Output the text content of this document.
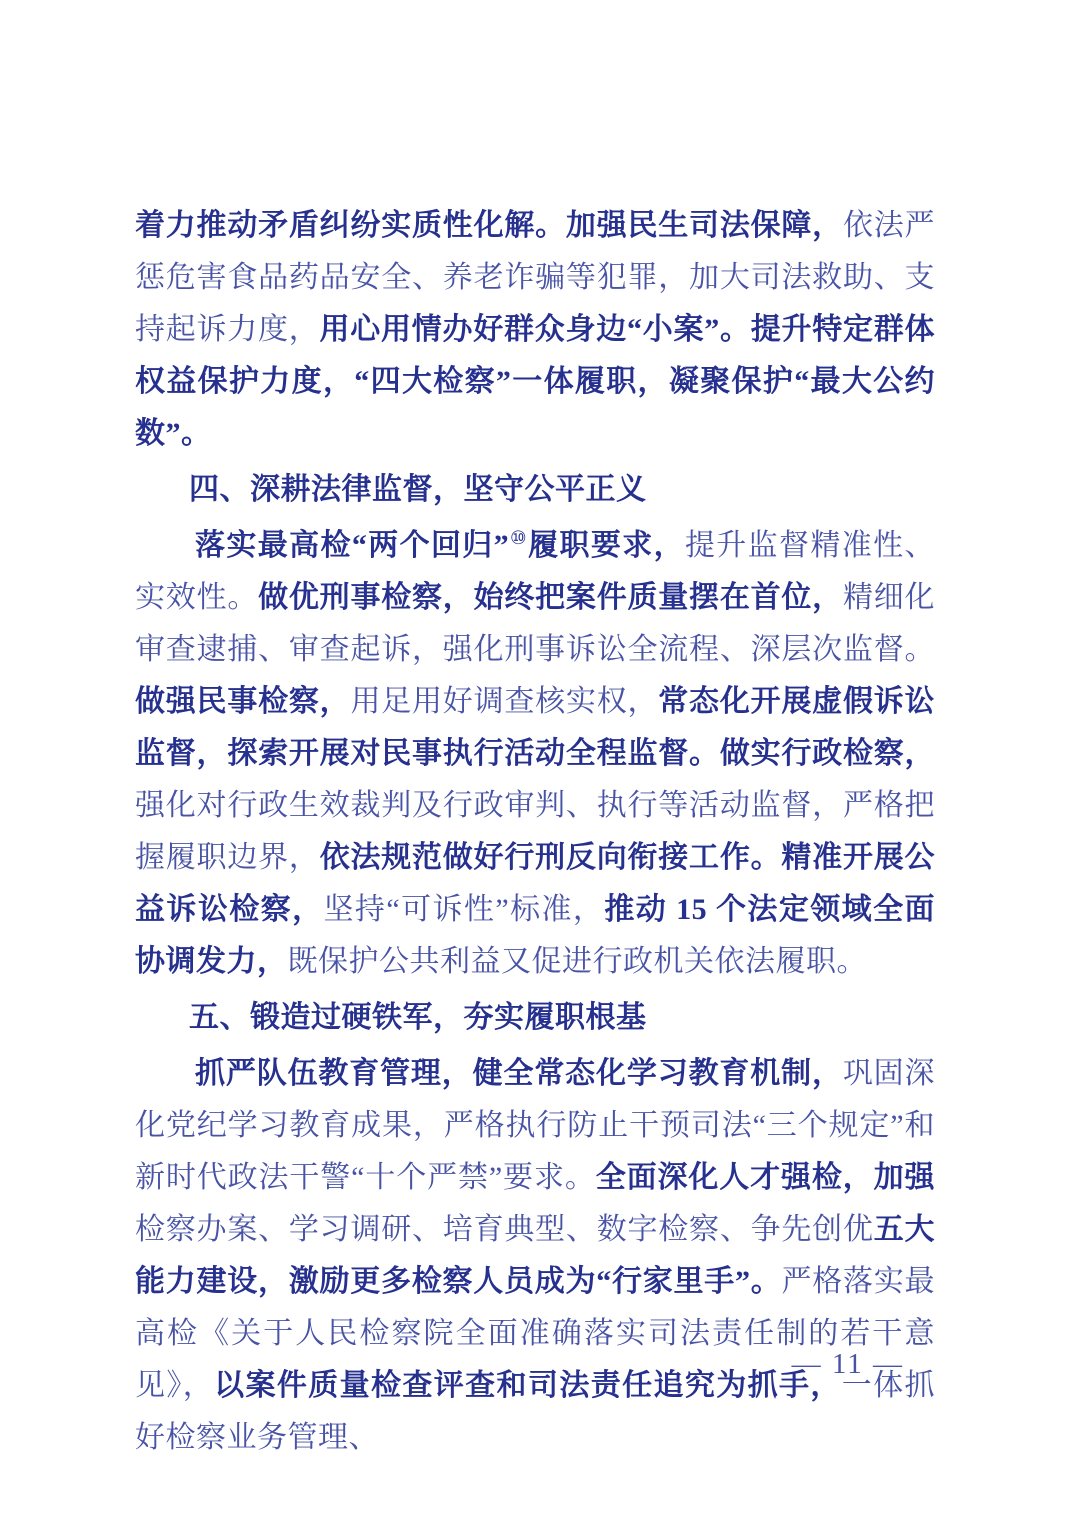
着力推动矛盾纠纷实质性化解。加强民生司法保障，依法严惩危害食品药品安全、养老诈骗等犯罪，加大司法救助、支持起诉力度，用心用情办好群众身边“小案”。提升特定群体权益保护力度，“四大检察”一体履职，凝聚保护“最大公约数”。

四、深耕法律监督，坚守公平正义

落实最高检“两个回归”⑩履职要求，提升监督精准性、实效性。做优刑事检察，始终把案件质量摆在首位，精细化审查逮捕、审查起诉，强化刑事诉讼全流程、深层次监督。做强民事检察，用足用好调查核实权，常态化开展虚假诉讼监督，探索开展对民事执行活动全程监督。做实行政检察，强化对行政生效裁判及行政审判、执行等活动监督，严格把握履职边界，依法规范做好行刑反向衔接工作。精准开展公益诉讼检察，坚持“可诉性”标准，推动 15 个法定领域全面协调发力，既保护公共利益又促进行政机关依法履职。

五、锻造过硬铁军，夯实履职根基

抓严队伍教育管理，健全常态化学习教育机制，巩固深化党纪学习教育成果，严格执行防止干预司法“三个规定”和新时代政法干警“十个严禁”要求。全面深化人才强检，加强检察办案、学习调研、培育典型、数字检察、争先创优五大能力建设，激励更多检察人员成为“行家里手”。严格落实最高检《关于人民检察院全面准确落实司法责任制的若干意见》，以案件质量检查评查和司法责任追究为抓手，一体抓好检察业务管理、

— 11 —
